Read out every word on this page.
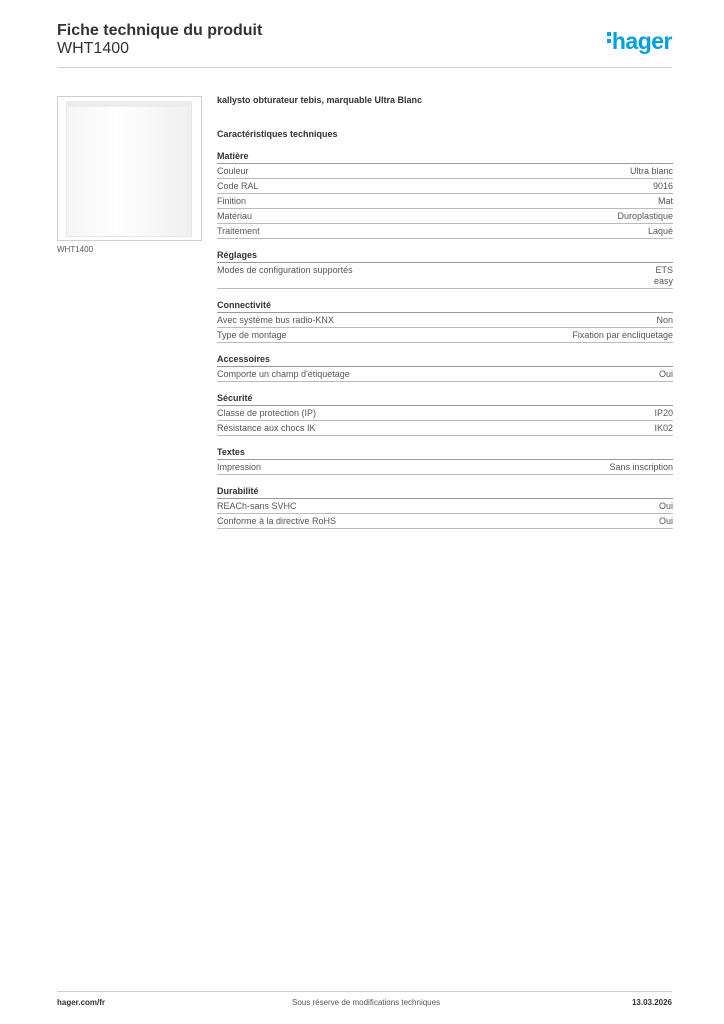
Fiche technique du produit
WHT1400	hager
WHT1400
kallysto obturateur tebis, marquable Ultra Blanc
Caractéristiques techniques
Matière
Couleur	Ultra blanc
Code RAL	9016
Finition	Mat
Matériau	Duroplastique
Traitement	Laqué
Réglages
Modes de configuration supportés	ETS
easy
Connectivité
Avec système bus radio-KNX	Non
Type de montage	Fixation par encliquetage
Accessoires
Comporte un champ d'étiquetage	Oui
Sécurité
Classe de protection (IP)	IP20
Résistance aux chocs IK	IK02
Textes
Impression	Sans inscription
Durabilité
REACh-sans SVHC	Oui
Conforme à la directive RoHS	Oui
hager.com/fr	Sous réserve de modifications techniques	13.03.2026
